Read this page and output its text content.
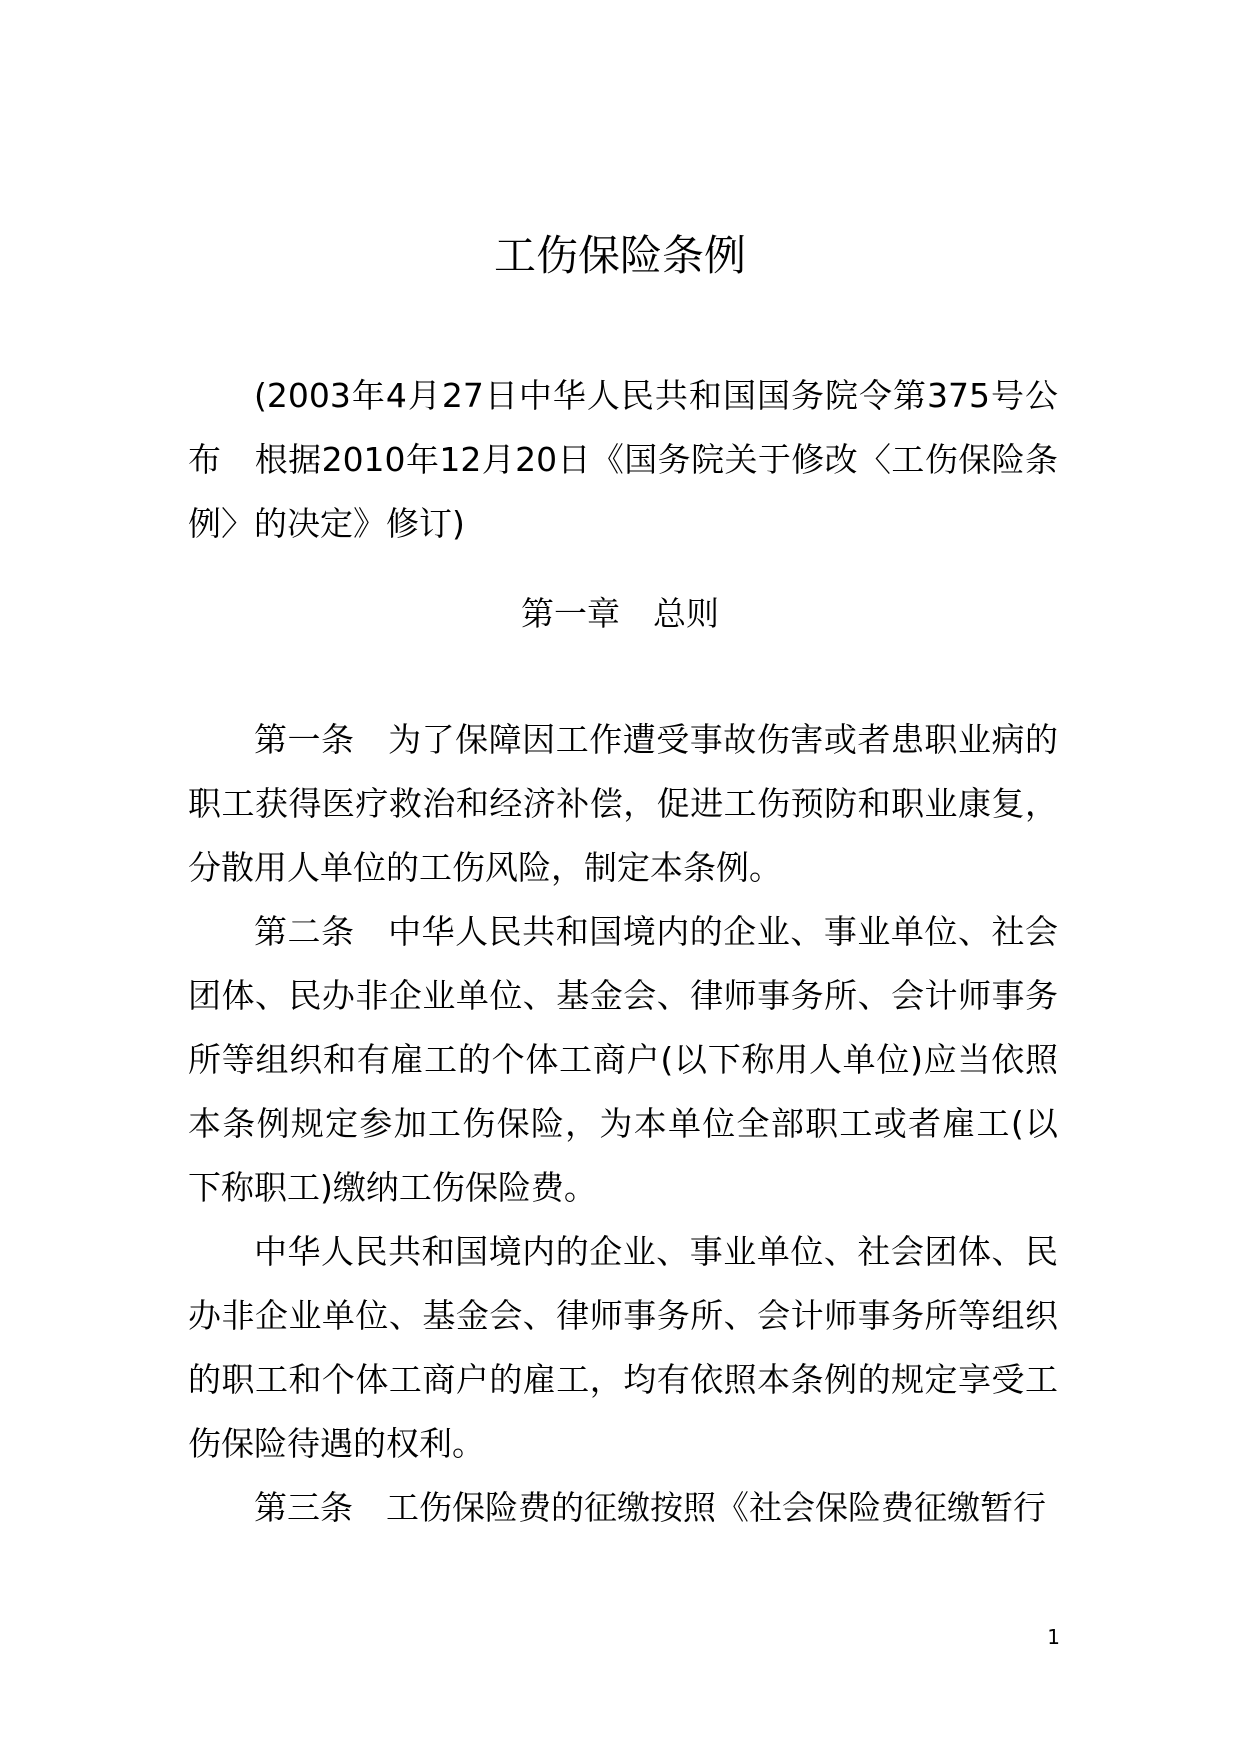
工伤保险条例

(2003年4月27日中华人民共和国国务院令第375号公布　根据2010年12月20日《国务院关于修改〈工伤保险条例〉的决定》修订)

第一章　总则

第一条　为了保障因工作遭受事故伤害或者患职业病的职工获得医疗救治和经济补偿，促进工伤预防和职业康复，分散用人单位的工伤风险，制定本条例。

第二条　中华人民共和国境内的企业、事业单位、社会团体、民办非企业单位、基金会、律师事务所、会计师事务所等组织和有雇工的个体工商户(以下称用人单位)应当依照本条例规定参加工伤保险，为本单位全部职工或者雇工(以下称职工)缴纳工伤保险费。

中华人民共和国境内的企业、事业单位、社会团体、民办非企业单位、基金会、律师事务所、会计师事务所等组织的职工和个体工商户的雇工，均有依照本条例的规定享受工伤保险待遇的权利。

第三条　工伤保险费的征缴按照《社会保险费征缴暂行

1
